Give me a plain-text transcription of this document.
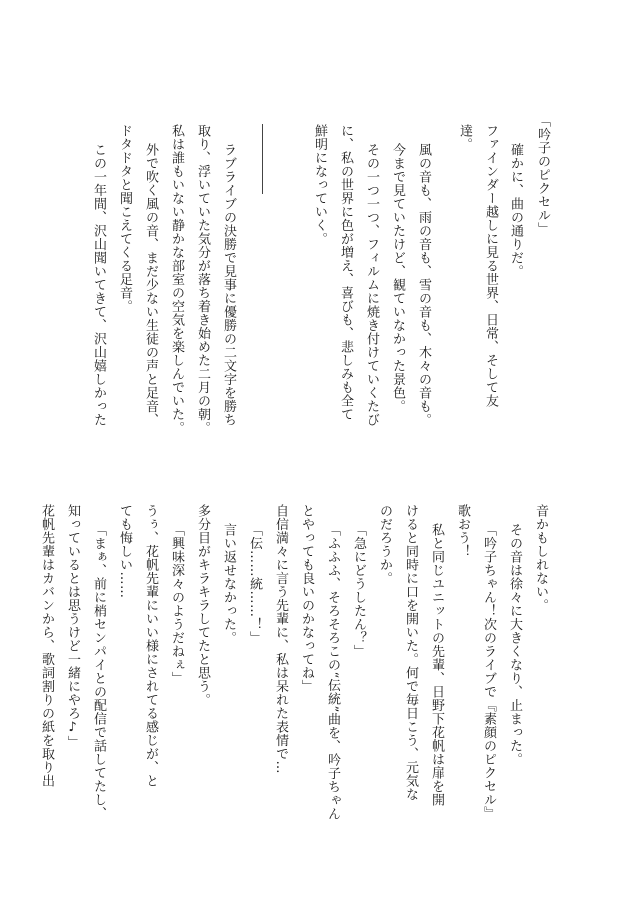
「吟子のピクセル」
確かに、曲の通りだ。
ファインダー越しに見る世界、日常、そして友
達。
風の音も、雨の音も、雪の音も、木々の音も。
今まで見ていたけど、観ていなかった景色。
その一つ一つ、フィルムに焼き付けていくたび
に、私の世界に色が増え、喜びも、悲しみも全て
鮮明になっていく。
ラブライブの決勝で見事に優勝の二文字を勝ち
取り、浮いていた気分が落ち着き始めた二月の朝。
私は誰もいない静かな部室の空気を楽しんでいた。
外で吹く風の音、まだ少ない生徒の声と足音、
ドタドタと聞こえてくる足音。
この一年間、沢山聞いてきて、沢山嬉しかった
音かもしれない。
その音は徐々に大きくなり、止まった。
「吟子ちゃん！次のライブで『素顔のピクセル』
歌おう！
私と同じユニットの先輩、日野下花帆は扉を開
けると同時に口を開いた。何で毎日こう、元気な
のだろうか。
「急にどうしたん？」
「ふふふ、そろそろこの“伝統”曲を、吟子ちゃん
とやっても良いのかなってね」
自信満々に言う先輩に、私は呆れた表情で…
「伝……統……！」
言い返せなかった。
多分目がキラキラしてたと思う。
「興味深々のようだねぇ」
うぅ、花帆先輩にいい様にされてる感じが、と
ても悔しい……
「まぁ、前に梢センパイとの配信で話してたし、
知っているとは思うけど一緒にやろ♪」
花帆先輩はカバンから、歌詞割りの紙を取り出
